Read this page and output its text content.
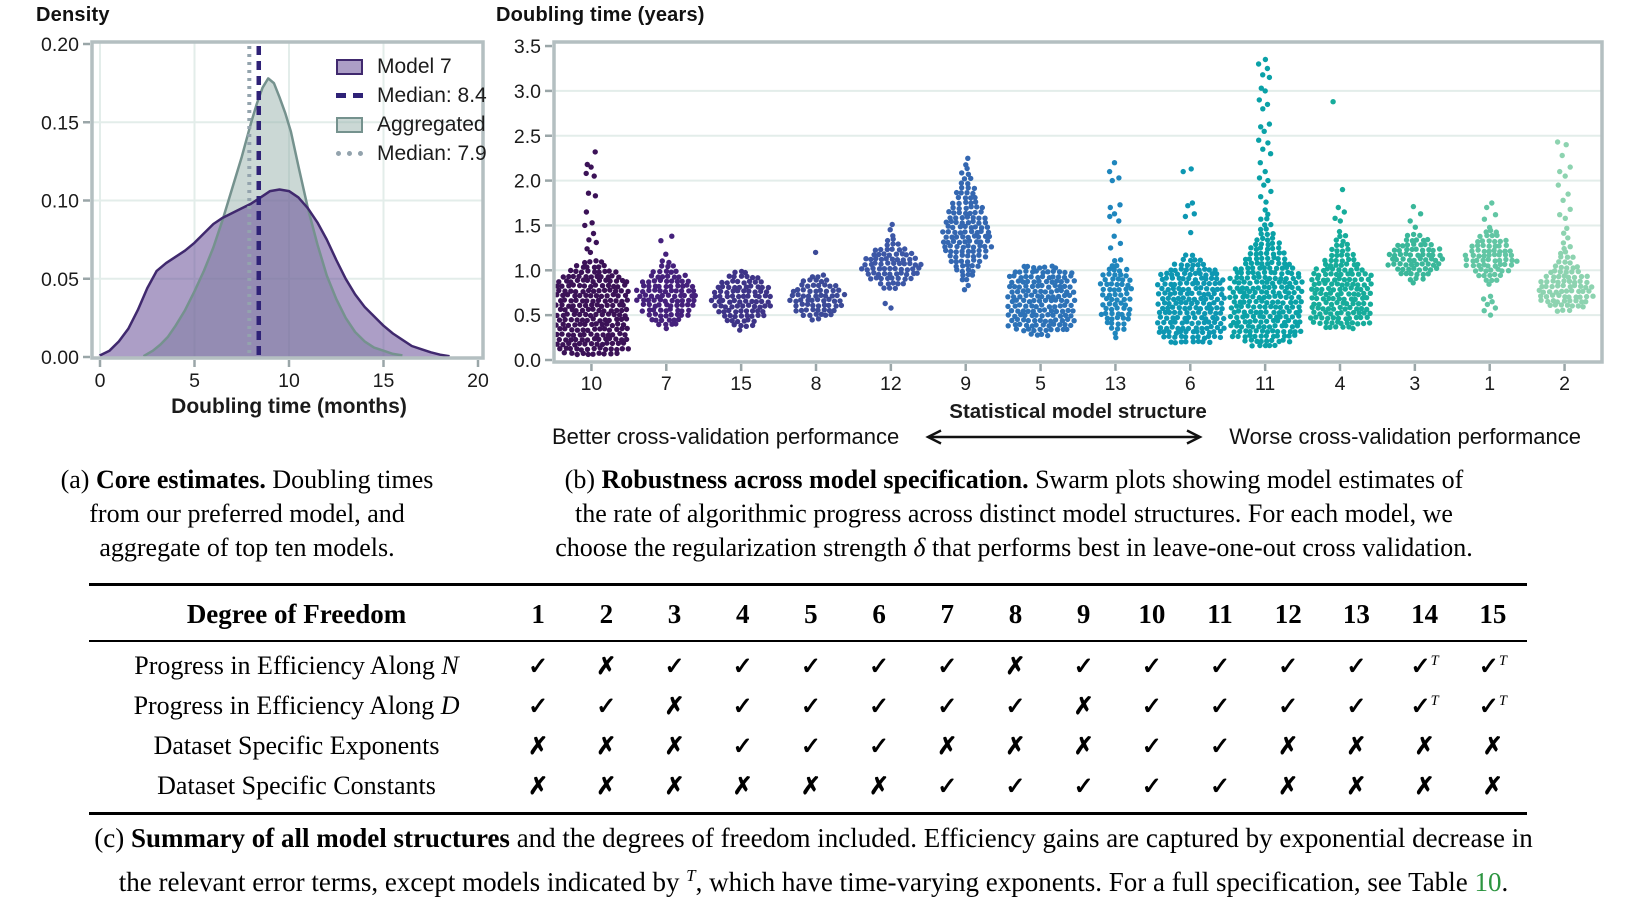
Density
0	5	10	15	20
0.00
0.05
0.10
0.15
0.20
Doubling time (months)
Model 7
Median: 8.4
Aggregated
Median: 7.9
Doubling time (years)
0.0
0.5
1.0
1.5
2.0
2.5
3.0
3.5
10	7	15	8	12	9	5	13	6	11	4	3	1	2
Statistical model structure
Better cross-validation performance	Worse cross-validation performance
(a) Core estimates. Doubling times
from our preferred model, and
aggregate of top ten models.
(b) Robustness across model specification. Swarm plots showing model estimates of
the rate of algorithmic progress across distinct model structures. For each model, we
choose the regularization strength δ that performs best in leave-one-out cross validation.
Degree of Freedom	1	2	3	4	5	6	7	8	9	10	11	12	13	14	15
Progress in Efficiency Along N	✓	✗	✓	✓	✓	✓	✓	✗	✓	✓	✓	✓	✓	✓$^T$	✓$^T$
Progress in Efficiency Along D	✓	✓	✗	✓	✓	✓	✓	✓	✗	✓	✓	✓	✓	✓$^T$	✓$^T$
Dataset Specific Exponents	✗	✗	✗	✓	✓	✓	✗	✗	✗	✓	✓	✗	✗	✗	✗
Dataset Specific Constants	✗	✗	✗	✗	✗	✗	✓	✓	✓	✓	✓	✗	✗	✗	✗
(c) Summary of all model structures and the degrees of freedom included. Efficiency gains are captured by exponential decrease in
the relevant error terms, except models indicated by $^T$, which have time-varying exponents. For a full specification, see Table 10.
